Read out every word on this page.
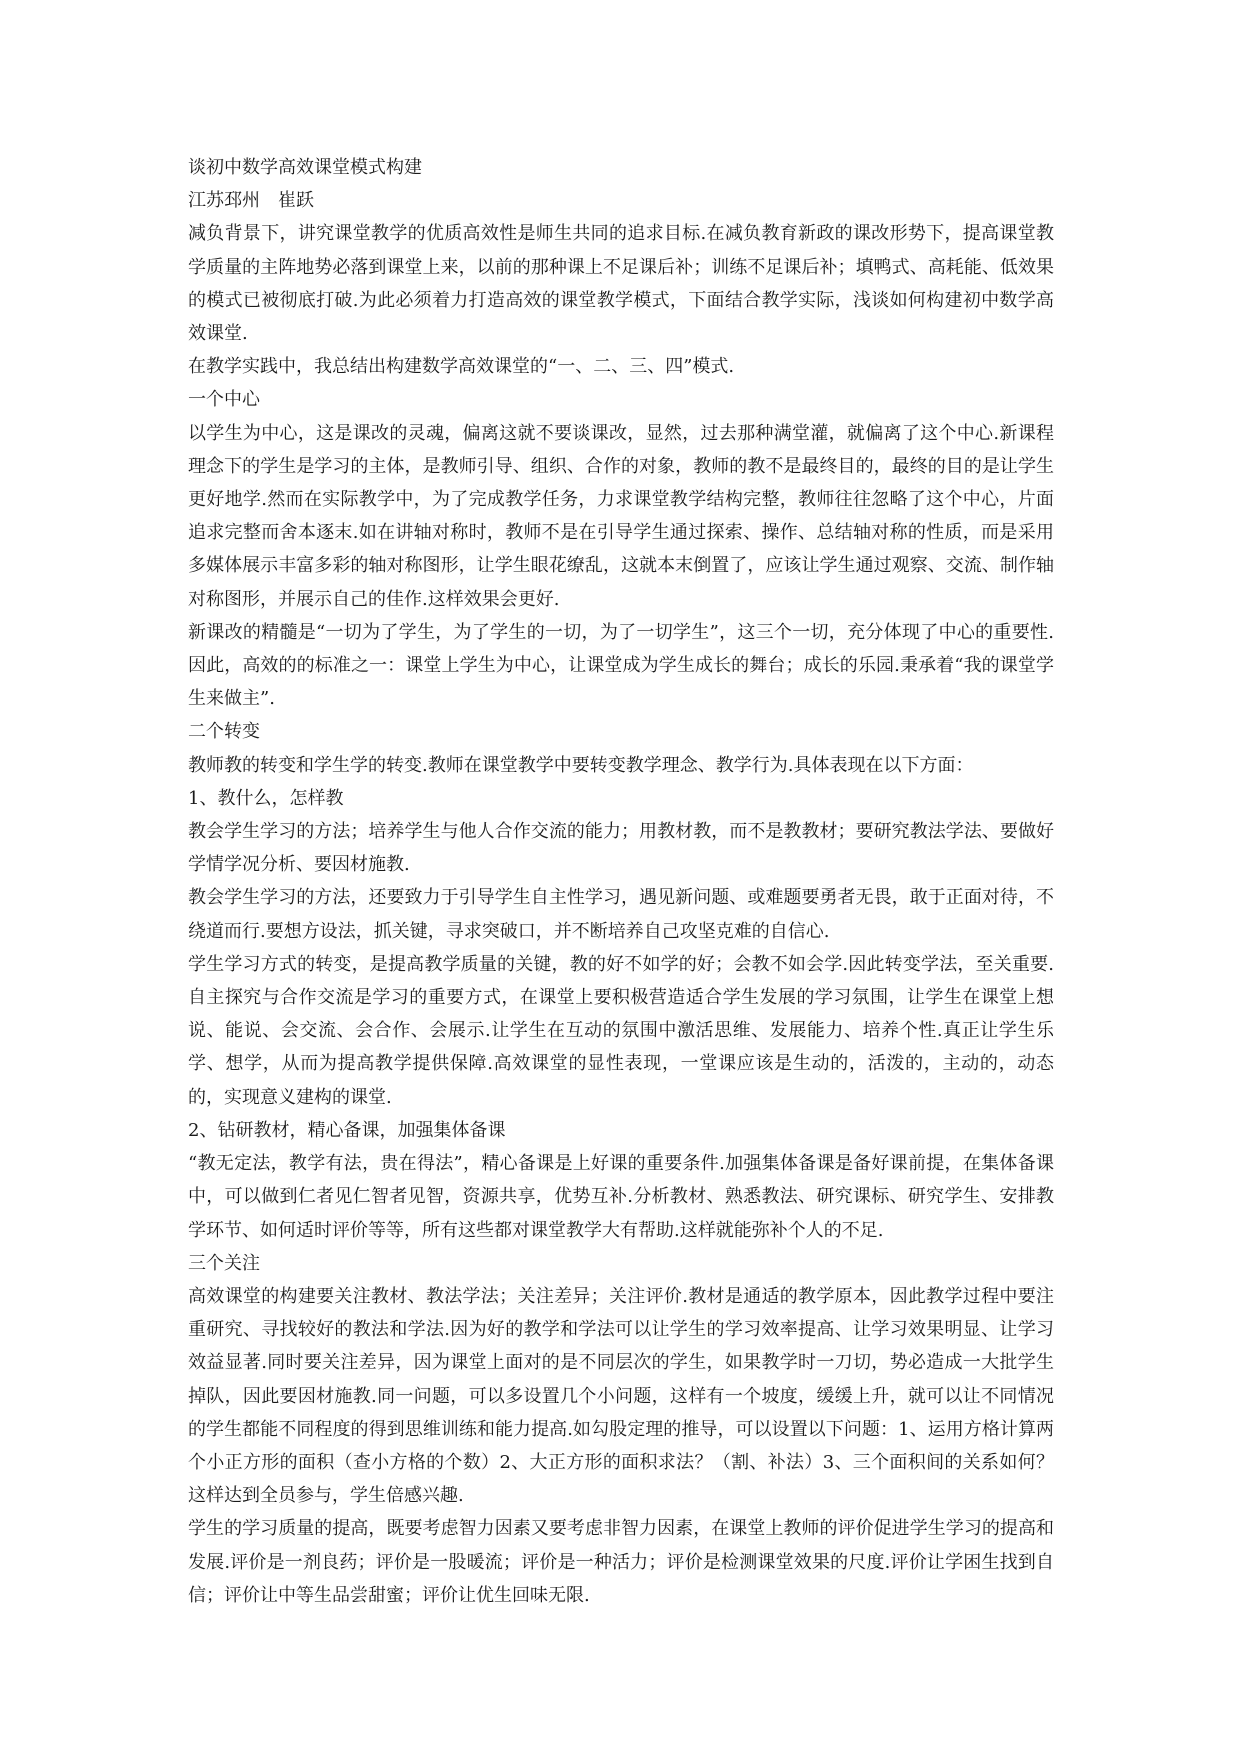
谈初中数学高效课堂模式构建
江苏邳州　崔跃
减负背景下，讲究课堂教学的优质高效性是师生共同的追求目标.在减负教育新政的课改形势下，提高课堂教学质量的主阵地势必落到课堂上来，以前的那种课上不足课后补；训练不足课后补；填鸭式、高耗能、低效果的模式已被彻底打破.为此必须着力打造高效的课堂教学模式，下面结合教学实际，浅谈如何构建初中数学高效课堂.
在教学实践中，我总结出构建数学高效课堂的“一、二、三、四”模式.
一个中心
以学生为中心，这是课改的灵魂，偏离这就不要谈课改，显然，过去那种满堂灌，就偏离了这个中心.新课程理念下的学生是学习的主体，是教师引导、组织、合作的对象，教师的教不是最终目的，最终的目的是让学生更好地学.然而在实际教学中，为了完成教学任务，力求课堂教学结构完整，教师往往忽略了这个中心，片面追求完整而舍本逐末.如在讲轴对称时，教师不是在引导学生通过探索、操作、总结轴对称的性质，而是采用多媒体展示丰富多彩的轴对称图形，让学生眼花缭乱，这就本末倒置了，应该让学生通过观察、交流、制作轴对称图形，并展示自己的佳作.这样效果会更好.
新课改的精髓是“一切为了学生，为了学生的一切，为了一切学生”，这三个一切，充分体现了中心的重要性.因此，高效的的标准之一：课堂上学生为中心，让课堂成为学生成长的舞台；成长的乐园.秉承着“我的课堂学生来做主”.
二个转变
教师教的转变和学生学的转变.教师在课堂教学中要转变教学理念、教学行为.具体表现在以下方面：
1、教什么，怎样教
教会学生学习的方法；培养学生与他人合作交流的能力；用教材教，而不是教教材；要研究教法学法、要做好学情学况分析、要因材施教.
教会学生学习的方法，还要致力于引导学生自主性学习，遇见新问题、或难题要勇者无畏，敢于正面对待，不绕道而行.要想方设法，抓关键，寻求突破口，并不断培养自己攻坚克难的自信心.
学生学习方式的转变，是提高教学质量的关键，教的好不如学的好；会教不如会学.因此转变学法，至关重要.自主探究与合作交流是学习的重要方式，在课堂上要积极营造适合学生发展的学习氛围，让学生在课堂上想说、能说、会交流、会合作、会展示.让学生在互动的氛围中激活思维、发展能力、培养个性.真正让学生乐学、想学，从而为提高教学提供保障.高效课堂的显性表现，一堂课应该是生动的，活泼的，主动的，动态的，实现意义建构的课堂.
2、钻研教材，精心备课，加强集体备课
“教无定法，教学有法，贵在得法”，精心备课是上好课的重要条件.加强集体备课是备好课前提，在集体备课中，可以做到仁者见仁智者见智，资源共享，优势互补.分析教材、熟悉教法、研究课标、研究学生、安排教学环节、如何适时评价等等，所有这些都对课堂教学大有帮助.这样就能弥补个人的不足.
三个关注
高效课堂的构建要关注教材、教法学法；关注差异；关注评价.教材是通适的教学原本，因此教学过程中要注重研究、寻找较好的教法和学法.因为好的教学和学法可以让学生的学习效率提高、让学习效果明显、让学习效益显著.同时要关注差异，因为课堂上面对的是不同层次的学生，如果教学时一刀切，势必造成一大批学生掉队，因此要因材施教.同一问题，可以多设置几个小问题，这样有一个坡度，缓缓上升，就可以让不同情况的学生都能不同程度的得到思维训练和能力提高.如勾股定理的推导，可以设置以下问题：1、运用方格计算两个小正方形的面积（查小方格的个数）2、大正方形的面积求法？（割、补法）3、三个面积间的关系如何？这样达到全员参与，学生倍感兴趣.
学生的学习质量的提高，既要考虑智力因素又要考虑非智力因素，在课堂上教师的评价促进学生学习的提高和发展.评价是一剂良药；评价是一股暖流；评价是一种活力；评价是检测课堂效果的尺度.评价让学困生找到自信；评价让中等生品尝甜蜜；评价让优生回味无限.
